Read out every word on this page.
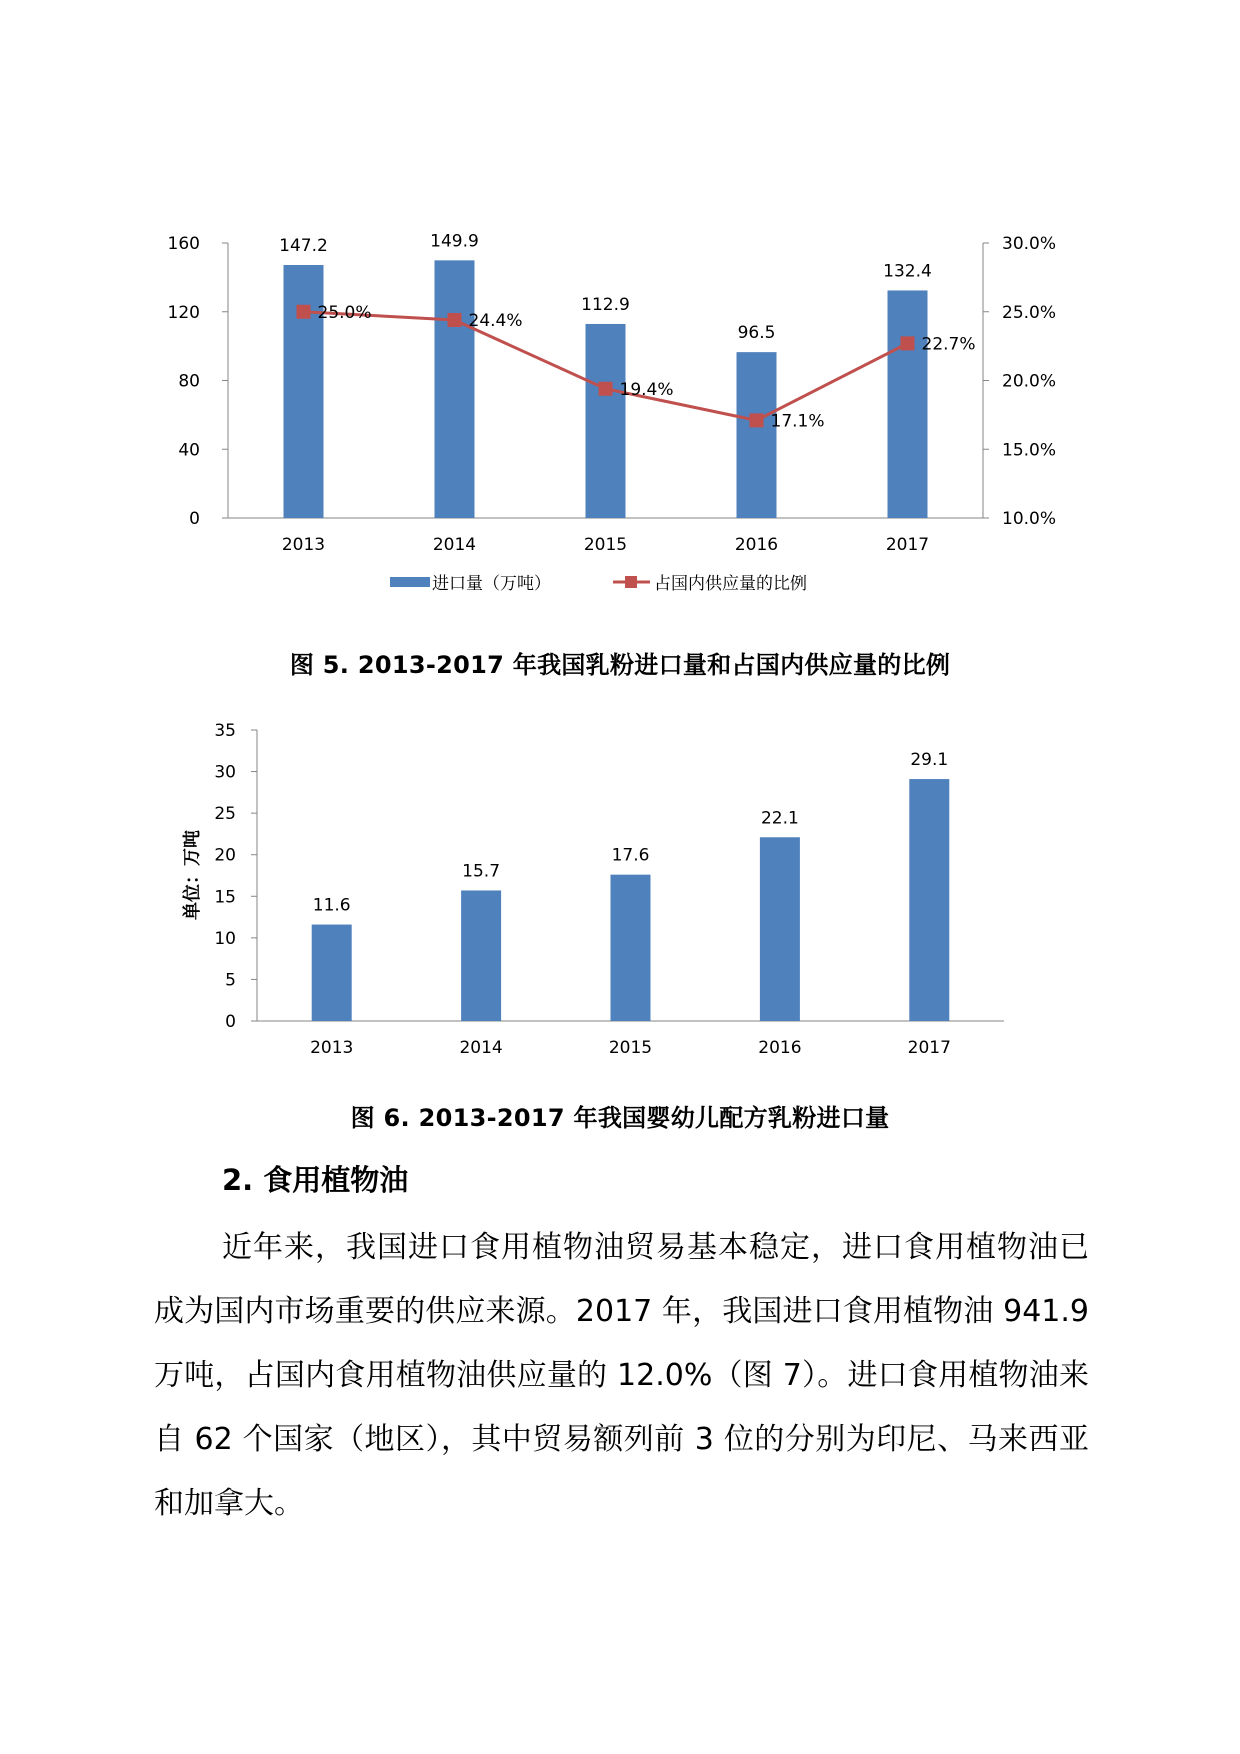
0
40
80
120
160
10.0%
15.0%
20.0%
25.0%
30.0%
147.2
2013
149.9
2014
112.9
2015
96.5
2016
132.4
2017
25.0%	24.4%
19.4%
17.1%
22.7%
进口量（万吨）	占国内供应量的比例
图 5. 2013-2017 年我国乳粉进口量和占国内供应量的比例
0
5
10
15
20
25
30
35
11.6
2013
15.7
2014
17.6
2015
22.1
2016
29.1
2017
单位：万吨
图 6. 2013-2017 年我国婴幼儿配方乳粉进口量
2. 食用植物油
近年来，我国进口食用植物油贸易基本稳定，进口食用植物油已成为国内市场重要的供应来源。2017 年，我国进口食用植物油 941.9 万吨，占国内食用植物油供应量的 12.0%（图 7）。进口食用植物油来自 62 个国家（地区），其中贸易额列前 3 位的分别为印尼、马来西亚和加拿大。
